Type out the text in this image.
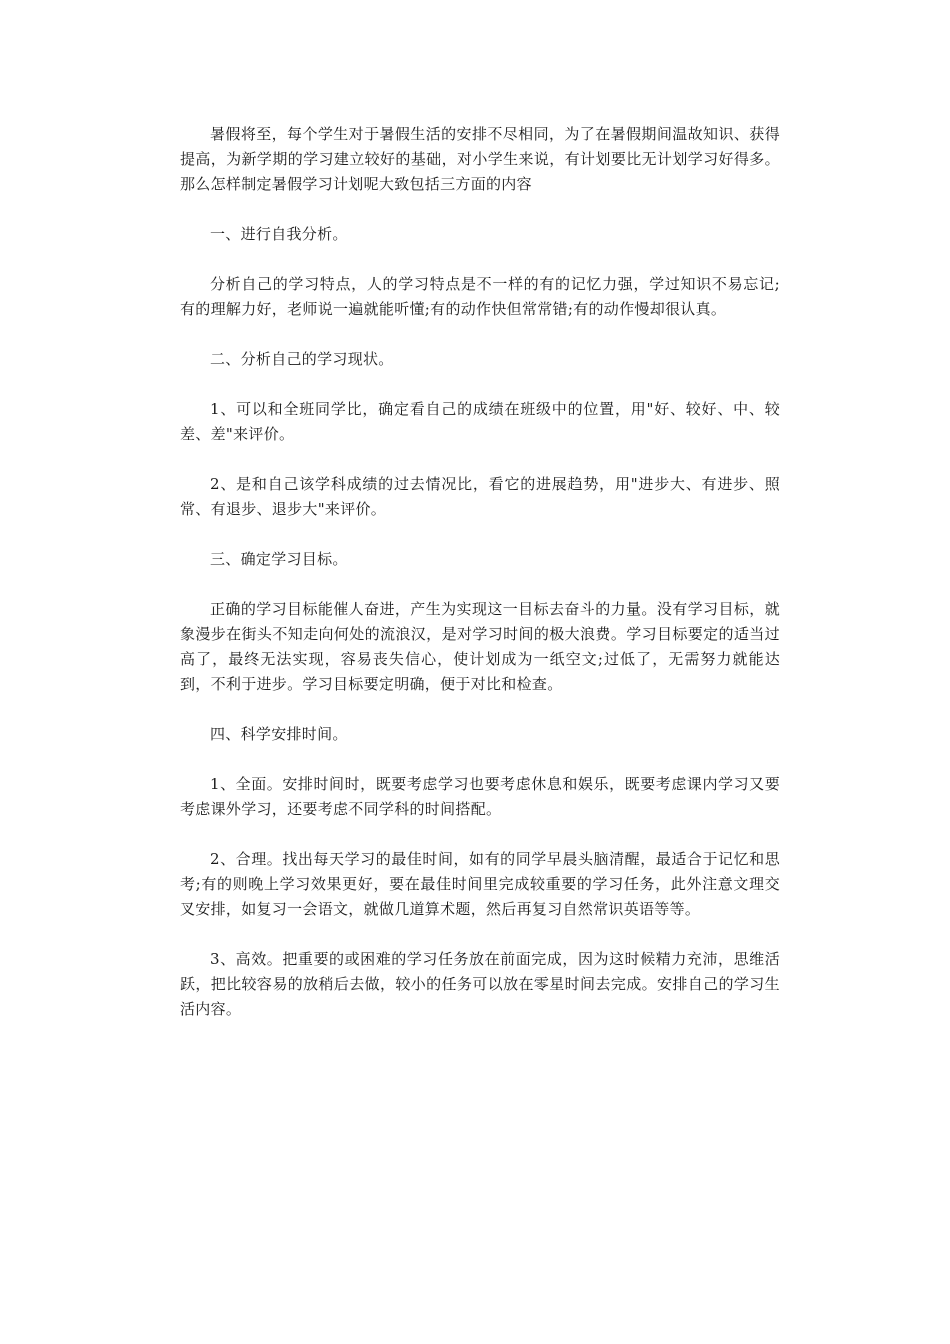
暑假将至，每个学生对于暑假生活的安排不尽相同，为了在暑假期间温故知识、获得提高，为新学期的学习建立较好的基础，对小学生来说，有计划要比无计划学习好得多。那么怎样制定暑假学习计划呢大致包括三方面的内容

一、进行自我分析。

分析自己的学习特点，人的学习特点是不一样的有的记忆力强，学过知识不易忘记;有的理解力好，老师说一遍就能听懂;有的动作快但常常错;有的动作慢却很认真。

二、分析自己的学习现状。

1、可以和全班同学比，确定看自己的成绩在班级中的位置，用"好、较好、中、较差、差"来评价。

2、是和自己该学科成绩的过去情况比，看它的进展趋势，用"进步大、有进步、照常、有退步、退步大"来评价。

三、确定学习目标。

正确的学习目标能催人奋进，产生为实现这一目标去奋斗的力量。没有学习目标，就象漫步在街头不知走向何处的流浪汉，是对学习时间的极大浪费。学习目标要定的适当过高了，最终无法实现，容易丧失信心，使计划成为一纸空文;过低了，无需努力就能达到，不利于进步。学习目标要定明确，便于对比和检查。

四、科学安排时间。

1、全面。安排时间时，既要考虑学习也要考虑休息和娱乐，既要考虑课内学习又要考虑课外学习，还要考虑不同学科的时间搭配。

2、合理。找出每天学习的最佳时间，如有的同学早晨头脑清醒，最适合于记忆和思考;有的则晚上学习效果更好，要在最佳时间里完成较重要的学习任务，此外注意文理交叉安排，如复习一会语文，就做几道算术题，然后再复习自然常识英语等等。

3、高效。把重要的或困难的学习任务放在前面完成，因为这时候精力充沛，思维活跃，把比较容易的放稍后去做，较小的任务可以放在零星时间去完成。安排自己的学习生活内容。
